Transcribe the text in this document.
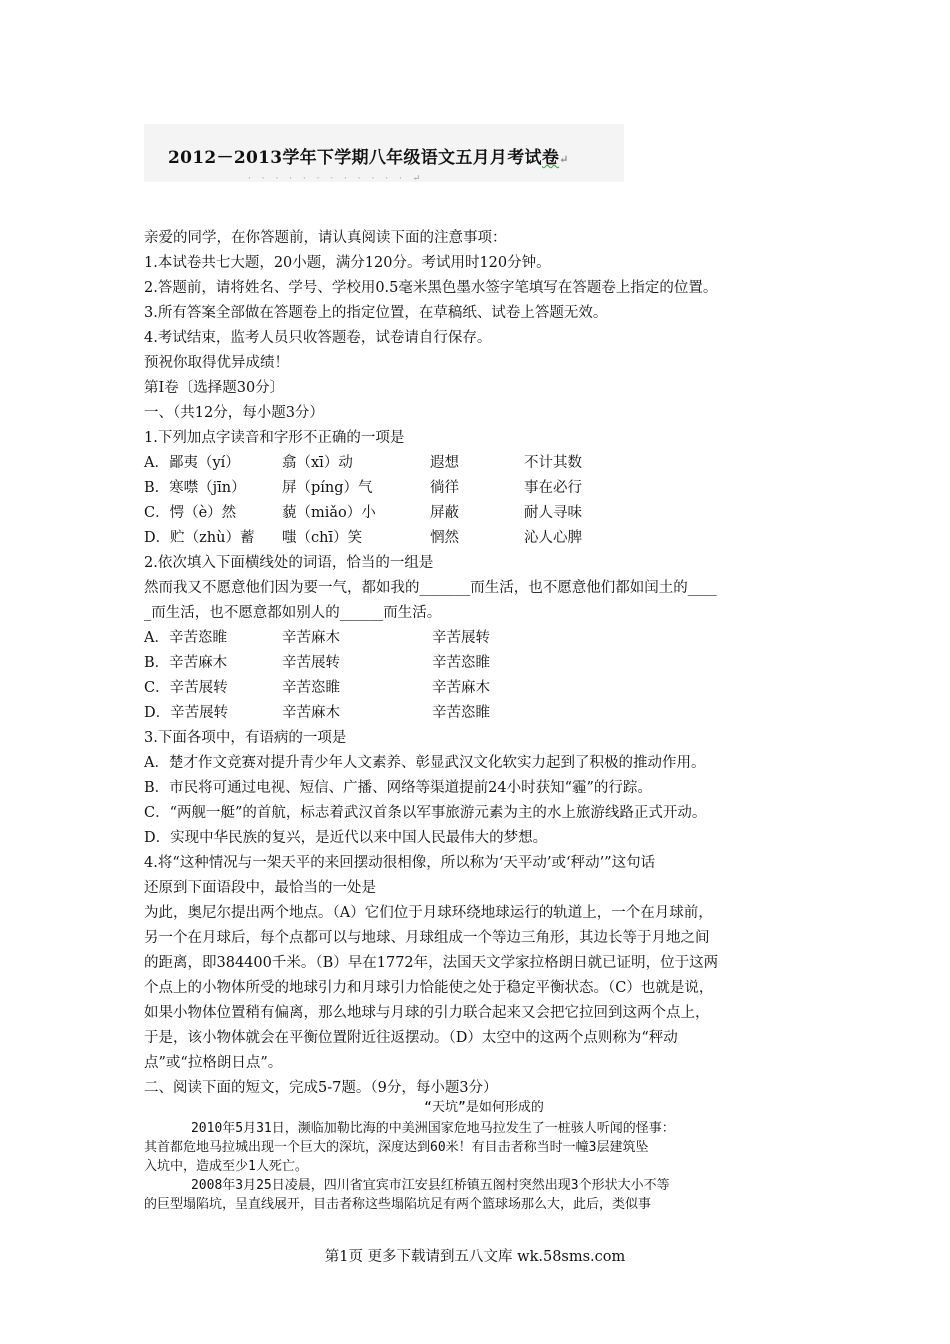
2012－2013学年下学期八年级语文五月月考试卷↵
· · · · · · · · · · · · ↵
亲爱的同学，在你答题前，请认真阅读下面的注意事项：
1.本试卷共七大题，20小题，满分120分。考试用时120分钟。
2.答题前，请将姓名、学号、学校用0.5毫米黑色墨水签字笔填写在答题卷上指定的位置。
3.所有答案全部做在答题卷上的指定位置，在草稿纸、试卷上答题无效。
4.考试结束，监考人员只收答题卷，试卷请自行保存。
预祝你取得优异成绩！
第Ⅰ卷〔选择题30分〕
一、（共12分，每小题3分）
1.下列加点字读音和字形不正确的一项是
A．鄙夷（yí）	翕（xī）动	遐想	不计其数
B．寒噤（jīn）	屏（píng）气	徜徉	事在必行
C．愕（è）然	藐（miǎo）小	屏蔽	耐人寻味
D．贮（zhù）蓄 嗤（chī）笑	惘然	沁人心脾
2.依次填入下面横线处的词语，恰当的一组是
然而我又不愿意他们因为要一气，都如我的_______而生活，也不愿意他们都如闰土的____
_而生活，也不愿意都如别人的______而生活。
A．辛苦恣睢	辛苦麻木	辛苦展转
B．辛苦麻木	辛苦展转	辛苦恣睢
C．辛苦展转	辛苦恣睢	辛苦麻木
D．辛苦展转	辛苦麻木	辛苦恣睢
3.下面各项中，有语病的一项是
A．楚才作文竞赛对提升青少年人文素养、彰显武汉文化软实力起到了积极的推动作用。
B．市民将可通过电视、短信、广播、网络等渠道提前24小时获知“霾”的行踪。
C．“两舰一艇”的首航，标志着武汉首条以军事旅游元素为主的水上旅游线路正式开动。
D．实现中华民族的复兴，是近代以来中国人民最伟大的梦想。
4.将“这种情况与一架天平的来回摆动很相像，所以称为‘天平动’或‘秤动’”这句话
还原到下面语段中，最恰当的一处是
为此，奥尼尔提出两个地点。（A）它们位于月球环绕地球运行的轨道上，一个在月球前，
另一个在月球后，每个点都可以与地球、月球组成一个等边三角形，其边长等于月地之间
的距离，即384400千米。（B）早在1772年，法国天文学家拉格朗日就已证明，位于这两
个点上的小物体所受的地球引力和月球引力恰能使之处于稳定平衡状态。（C）也就是说，
如果小物体位置稍有偏离，那么地球与月球的引力联合起来又会把它拉回到这两个点上，
于是，该小物体就会在平衡位置附近往返摆动。（D）太空中的这两个点则称为“秤动
点”或“拉格朗日点”。
二、阅读下面的短文，完成5-7题。（9分，每小题3分）
“天坑”是如何形成的
2010年5月31日，濒临加勒比海的中美洲国家危地马拉发生了一桩骇人听闻的怪事：
其首都危地马拉城出现一个巨大的深坑，深度达到60米！有目击者称当时一幢3层建筑坠
入坑中，造成至少1人死亡。
2008年3月25日凌晨，四川省宜宾市江安县红桥镇五阁村突然出现3个形状大小不等
的巨型塌陷坑，呈直线展开，目击者称这些塌陷坑足有两个篮球场那么大，此后，类似事
第1页 更多下载请到五八文库 wk.58sms.com
